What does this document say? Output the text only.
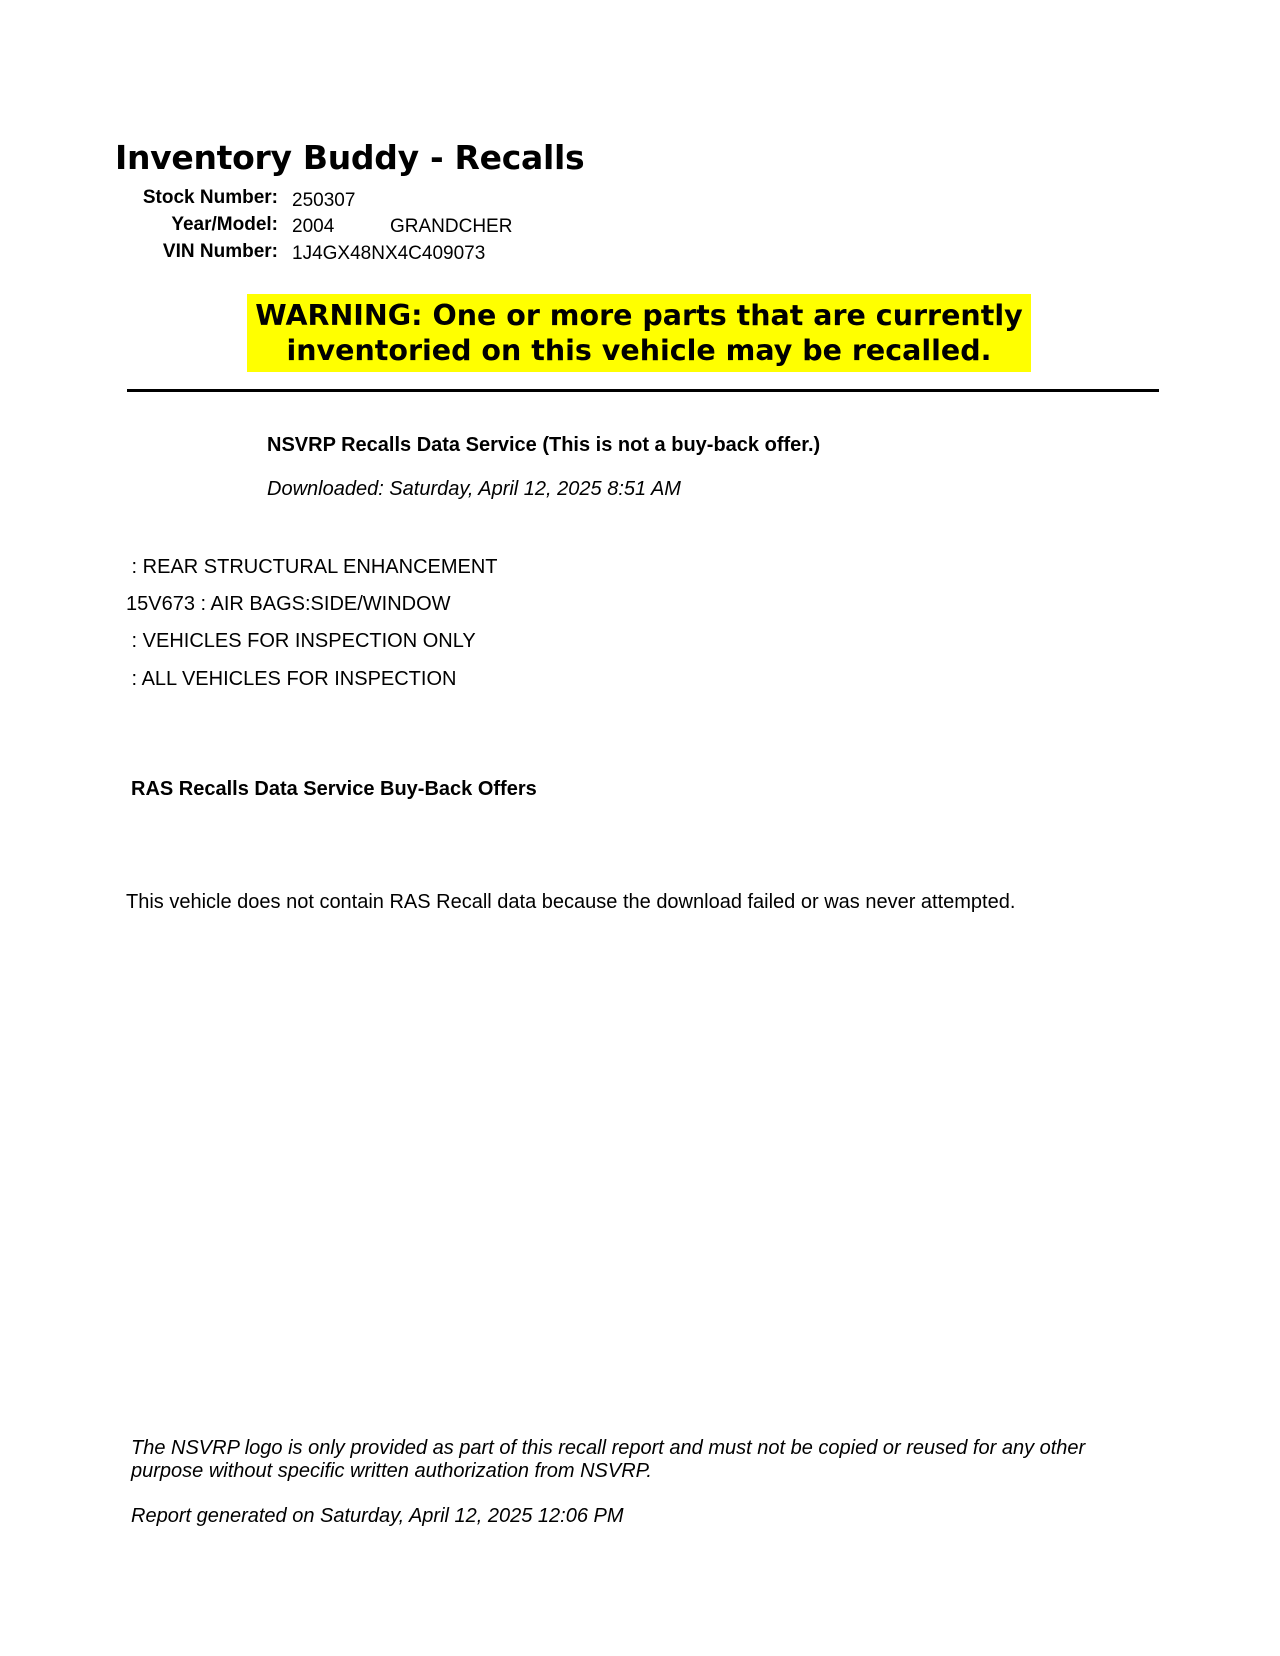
Inventory Buddy - Recalls
Stock Number: 250307
Year/Model: 2004	GRANDCHER
VIN Number: 1J4GX48NX4C409073
WARNING: One or more parts that are currently
inventoried on this vehicle may be recalled.
NSVRP Recalls Data Service (This is not a buy-back offer.)
Downloaded: Saturday, April 12, 2025 8:51 AM
: REAR STRUCTURAL ENHANCEMENT
15V673 : AIR BAGS:SIDE/WINDOW
: VEHICLES FOR INSPECTION ONLY
: ALL VEHICLES FOR INSPECTION
RAS Recalls Data Service Buy-Back Offers
This vehicle does not contain RAS Recall data because the download failed or was never attempted.
The NSVRP logo is only provided as part of this recall report and must not be copied or reused for any other purpose without specific written authorization from NSVRP.
Report generated on Saturday, April 12, 2025 12:06 PM
